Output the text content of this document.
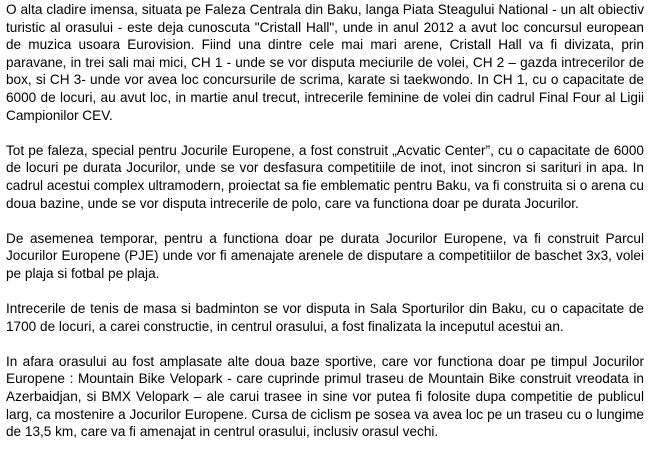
O alta cladire imensa, situata pe Faleza Centrala din Baku, langa Piata Steagului National - un alt obiectiv turistic al orasului - este deja cunoscuta "Cristall Hall", unde in anul 2012 a avut loc concursul european de muzica usoara Eurovision. Fiind una dintre cele mai mari arene, Cristall Hall va fi divizata, prin paravane, in trei sali mai mici, CH 1 - unde se vor disputa meciurile de volei, CH 2 – gazda intrecerilor de box, si CH 3- unde vor avea loc concursurile de scrima, karate si taekwondo. In CH 1, cu o capacitate de 6000 de locuri, au avut loc, in martie anul trecut, intrecerile feminine de volei din cadrul Final Four al Ligii Campionilor CEV.

Tot pe faleza, special pentru Jocurile Europene, a fost construit „Acvatic Center”, cu o capacitate de 6000 de locuri pe durata Jocurilor, unde se vor desfasura competitiile de inot, inot sincron si sarituri in apa. In cadrul acestui complex ultramodern, proiectat sa fie emblematic pentru Baku, va fi construita si o arena cu doua bazine, unde se vor disputa intrecerile de polo, care va functiona doar pe durata Jocurilor.

De asemenea temporar, pentru a functiona doar pe durata Jocurilor Europene, va fi construit Parcul Jocurilor Europene (PJE) unde vor fi amenajate arenele de disputare a competitiilor de baschet 3x3, volei pe plaja si fotbal pe plaja.

Intrecerile de tenis de masa si badminton se vor disputa in Sala Sporturilor din Baku, cu o capacitate de 1700 de locuri, a carei constructie, in centrul orasului, a fost finalizata la inceputul acestui an.

In afara orasului au fost amplasate alte doua baze sportive, care vor functiona doar pe timpul Jocurilor Europene : Mountain Bike Velopark - care cuprinde primul traseu de Mountain Bike construit vreodata in Azerbaidjan, si BMX Velopark – ale carui trasee in sine vor putea fi folosite dupa competitie de publicul larg, ca mostenire a Jocurilor Europene. Cursa de ciclism pe sosea va avea loc pe un traseu cu o lungime de 13,5 km, care va fi amenajat in centrul orasului, inclusiv orasul vechi.
